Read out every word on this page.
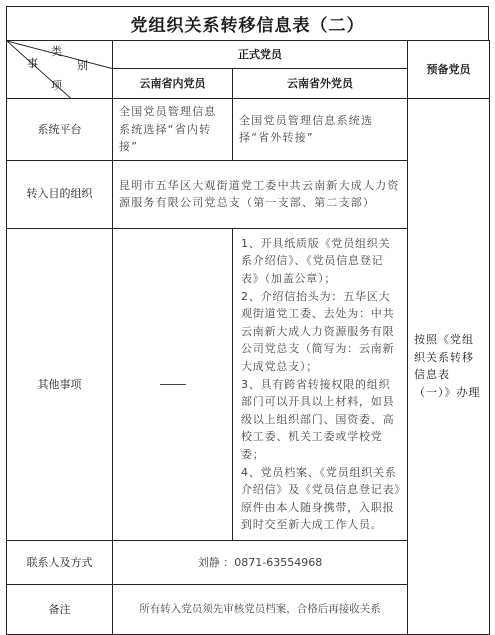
党组织关系转移信息表（二）
类
事 别
项	正式党员		预备党员
	云南省内党员	云南省外党员	
系统平台	全国党员管理信息系统选择“省内转接”	全国党员管理信息系统选择“省外转接”	按照《党组织关系转移信息表（一）》办理
转入目的组织	昆明市五华区大观街道党工委中共云南新大成人力资源服务有限公司党总支（第一支部、第二支部）		
其他事项		1、开具纸质版《党员组织关系介绍信》、《党员信息登记表》（加盖公章）；
2、介绍信抬头为：五华区大观街道党工委、去处为：中共云南新大成人力资源服务有限公司党总支（简写为：云南新大成党总支）；
3、具有跨省转接权限的组织部门可以开具以上材料，如县级以上组织部门、国资委、高校工委、机关工委或学校党委；
4、党员档案、《党员组织关系介绍信》及《党员信息登记表》原件由本人随身携带，入职报到时交至新大成工作人员。	

联系人及方式	刘静 ：0871-63554968		
备注	所有转入党员须先审核党员档案，合格后再接收关系		
